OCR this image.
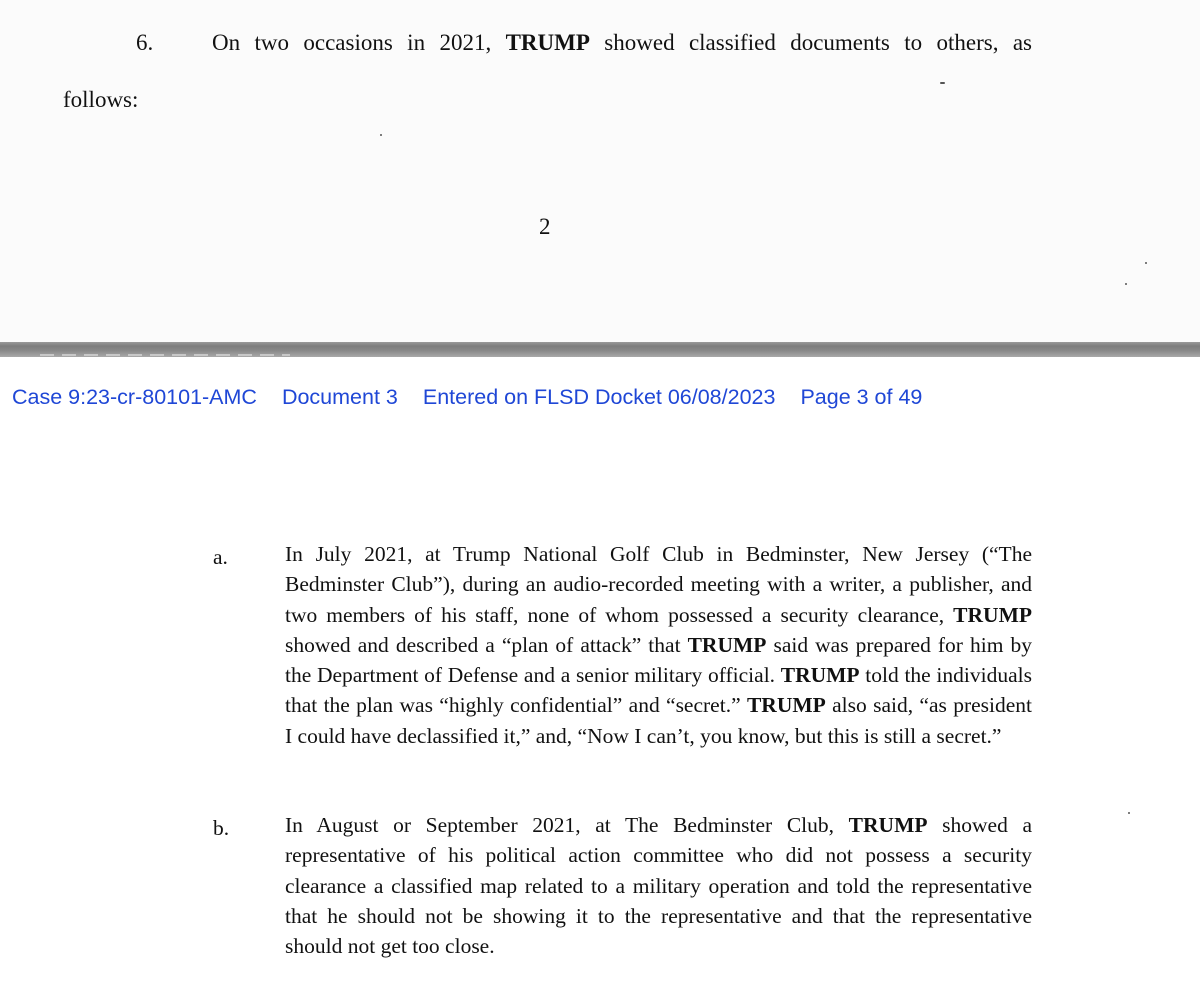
6.	On two occasions in 2021, TRUMP showed classified documents to others, as
follows:
2
Case 9:23-cr-80101-AMC Document 3 Entered on FLSD Docket 06/08/2023 Page 3 of 49
a.	In July 2021, at Trump National Golf Club in Bedminster, New Jersey (“The Bedminster Club”), during an audio-recorded meeting with a writer, a publisher, and two members of his staff, none of whom possessed a security clearance, TRUMP showed and described a “plan of attack” that TRUMP said was prepared for him by the Department of Defense and a senior military official. TRUMP told the individuals that the plan was “highly confidential” and “secret.” TRUMP also said, “as president I could have declassified it,” and, “Now I can’t, you know, but this is still a secret.”

b.	In August or September 2021, at The Bedminster Club, TRUMP showed a representative of his political action committee who did not possess a security clearance a classified map related to a military operation and told the representative that he should not be showing it to the representative and that the representative should not get too close.
